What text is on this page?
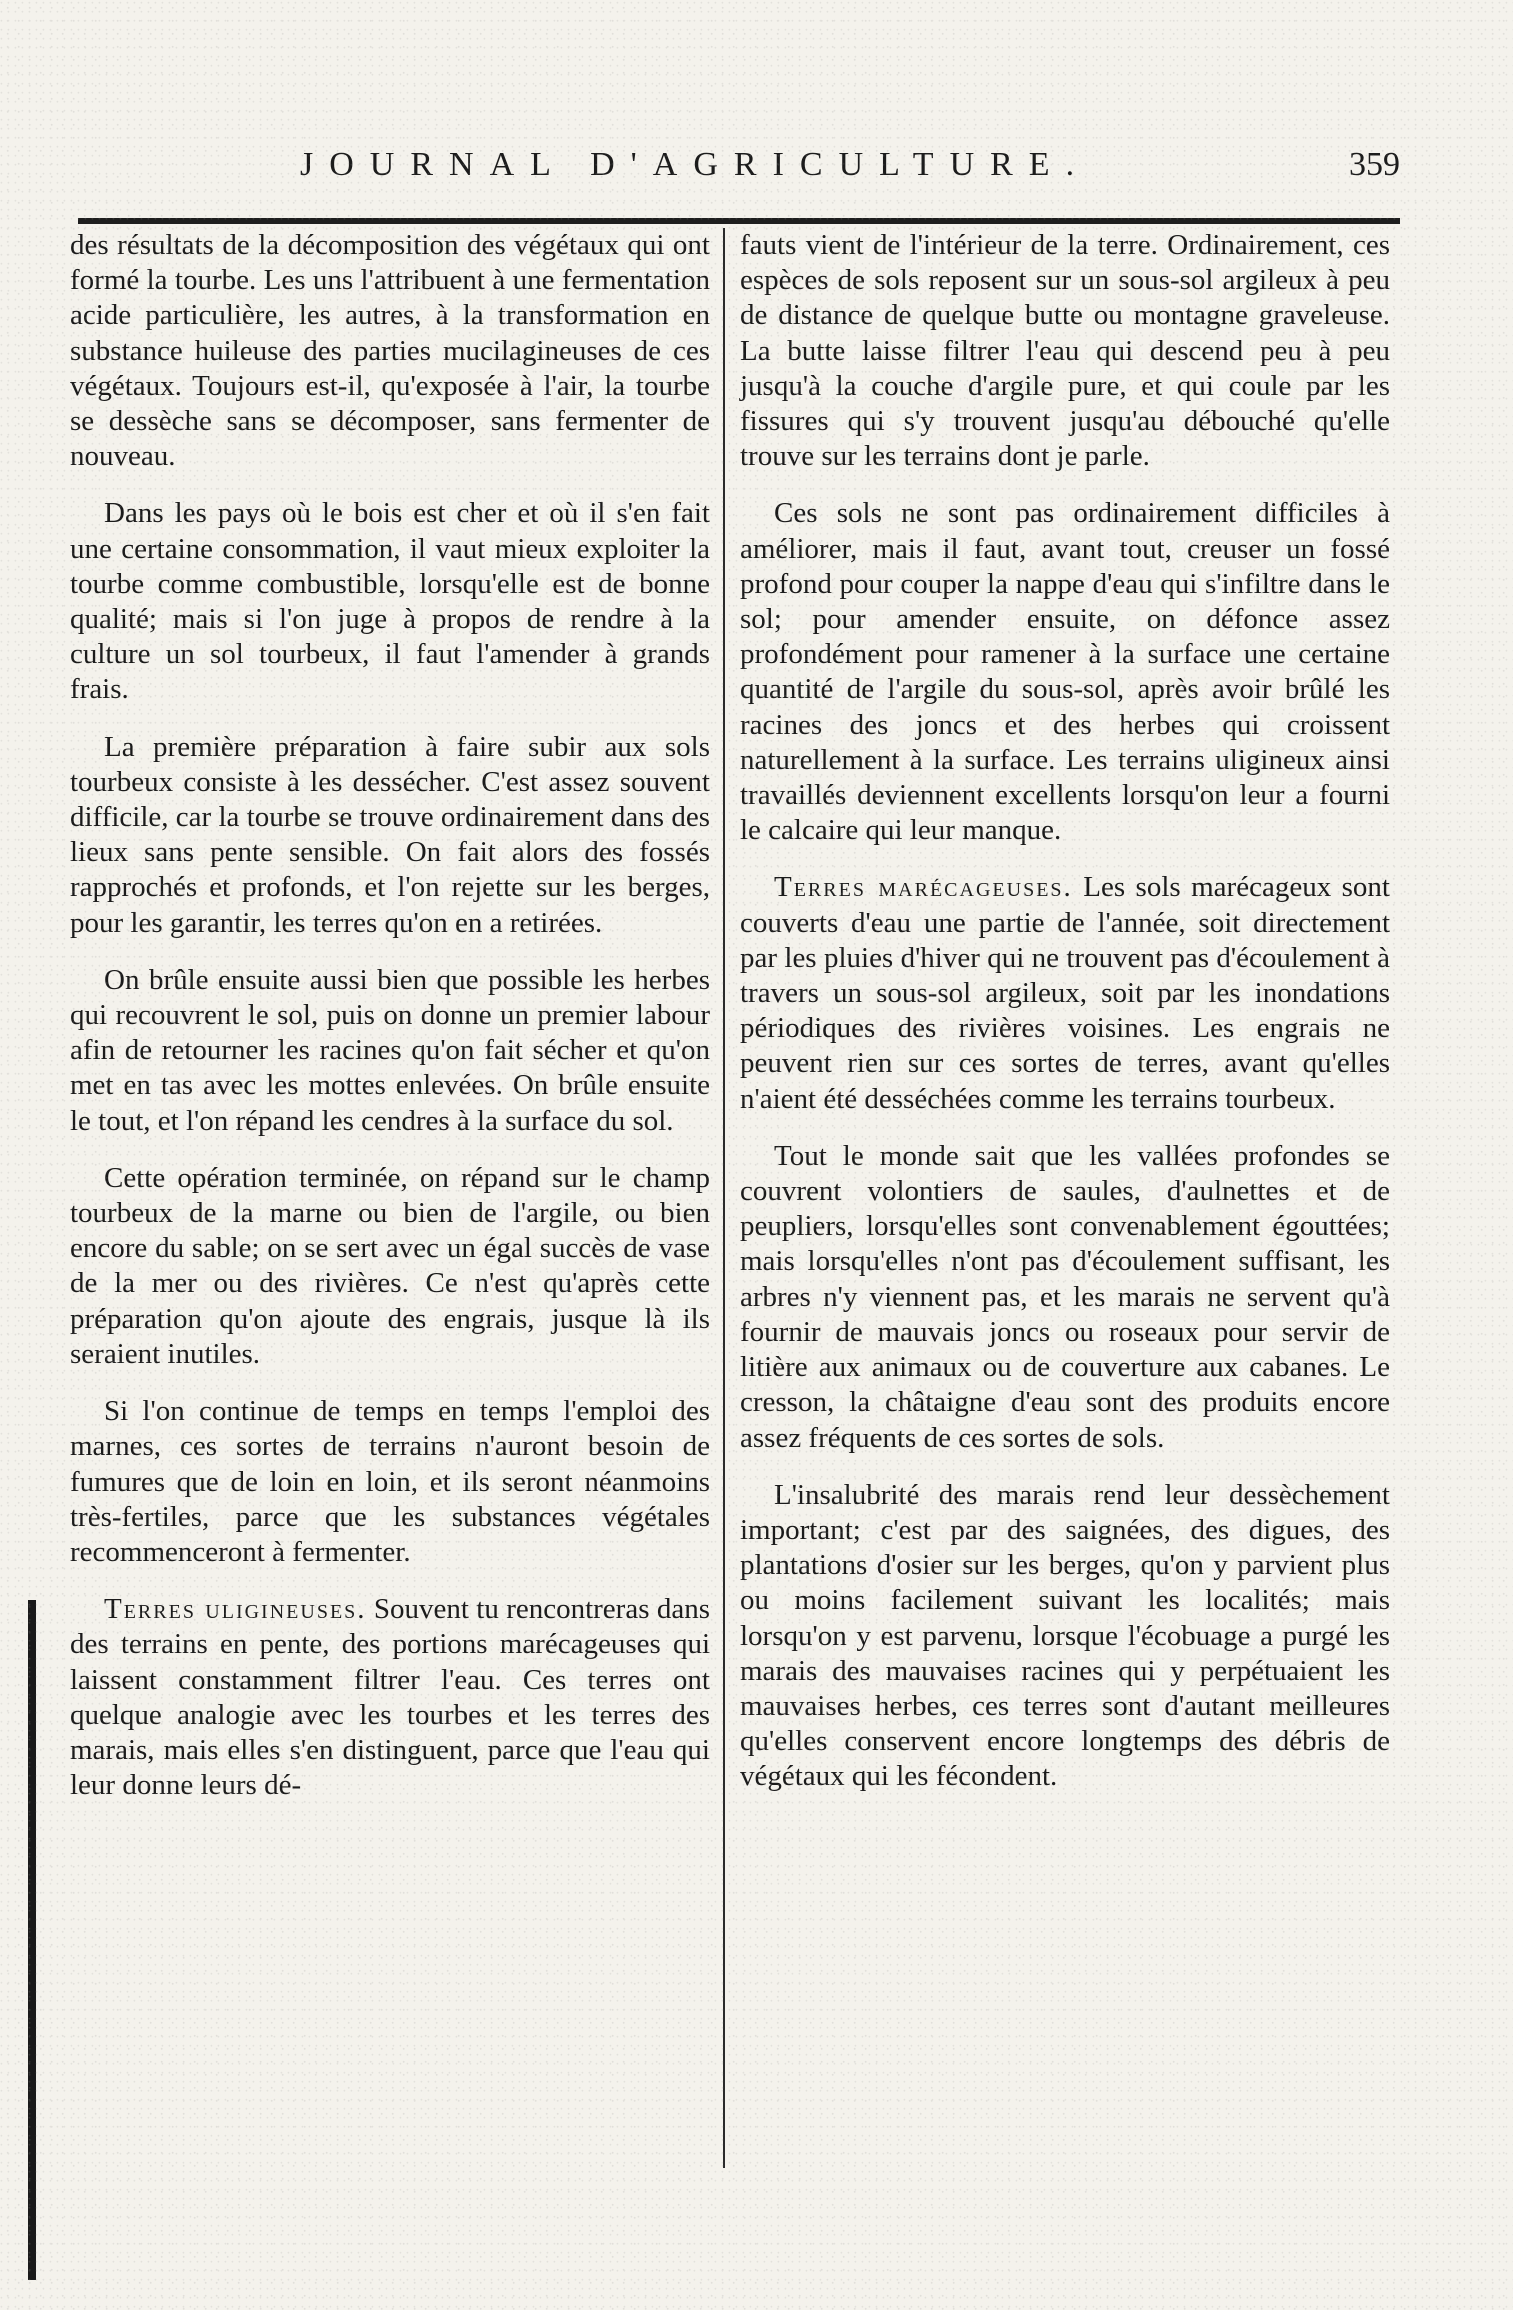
JOURNAL D'AGRICULTURE.	359

des résultats de la décomposition des végétaux qui ont formé la tourbe. Les uns l'attribuent à une fermentation acide particulière, les autres, à la transformation en substance huileuse des parties mucilagineuses de ces végétaux. Toujours est-il, qu'exposée à l'air, la tourbe se dessèche sans se décomposer, sans fermenter de nouveau.

Dans les pays où le bois est cher et où il s'en fait une certaine consommation, il vaut mieux exploiter la tourbe comme combustible, lorsqu'elle est de bonne qualité; mais si l'on juge à propos de rendre à la culture un sol tourbeux, il faut l'amender à grands frais.

La première préparation à faire subir aux sols tourbeux consiste à les dessécher. C'est assez souvent difficile, car la tourbe se trouve ordinairement dans des lieux sans pente sensible. On fait alors des fossés rapprochés et profonds, et l'on rejette sur les berges, pour les garantir, les terres qu'on en a retirées.

On brûle ensuite aussi bien que possible les herbes qui recouvrent le sol, puis on donne un premier labour afin de retourner les racines qu'on fait sécher et qu'on met en tas avec les mottes enlevées. On brûle ensuite le tout, et l'on répand les cendres à la surface du sol.

Cette opération terminée, on répand sur le champ tourbeux de la marne ou bien de l'argile, ou bien encore du sable; on se sert avec un égal succès de vase de la mer ou des rivières. Ce n'est qu'après cette préparation qu'on ajoute des engrais, jusque là ils seraient inutiles.

Si l'on continue de temps en temps l'emploi des marnes, ces sortes de terrains n'auront besoin de fumures que de loin en loin, et ils seront néanmoins très-fertiles, parce que les substances végétales recommenceront à fermenter.

Terres uligineuses. Souvent tu rencontreras dans des terrains en pente, des portions marécageuses qui laissent constamment filtrer l'eau. Ces terres ont quelque analogie avec les tourbes et les terres des marais, mais elles s'en distinguent, parce que l'eau qui leur donne leurs dé-

fauts vient de l'intérieur de la terre. Ordinairement, ces espèces de sols reposent sur un sous-sol argileux à peu de distance de quelque butte ou montagne graveleuse. La butte laisse filtrer l'eau qui descend peu à peu jusqu'à la couche d'argile pure, et qui coule par les fissures qui s'y trouvent jusqu'au débouché qu'elle trouve sur les terrains dont je parle.

Ces sols ne sont pas ordinairement difficiles à améliorer, mais il faut, avant tout, creuser un fossé profond pour couper la nappe d'eau qui s'infiltre dans le sol; pour amender ensuite, on défonce assez profondément pour ramener à la surface une certaine quantité de l'argile du sous-sol, après avoir brûlé les racines des joncs et des herbes qui croissent naturellement à la surface. Les terrains uligineux ainsi travaillés deviennent excellents lorsqu'on leur a fourni le calcaire qui leur manque.

Terres marécageuses. Les sols marécageux sont couverts d'eau une partie de l'année, soit directement par les pluies d'hiver qui ne trouvent pas d'écoulement à travers un sous-sol argileux, soit par les inondations périodiques des rivières voisines. Les engrais ne peuvent rien sur ces sortes de terres, avant qu'elles n'aient été desséchées comme les terrains tourbeux.

Tout le monde sait que les vallées profondes se couvrent volontiers de saules, d'aulnettes et de peupliers, lorsqu'elles sont convenablement égouttées; mais lorsqu'elles n'ont pas d'écoulement suffisant, les arbres n'y viennent pas, et les marais ne servent qu'à fournir de mauvais joncs ou roseaux pour servir de litière aux animaux ou de couverture aux cabanes. Le cresson, la châtaigne d'eau sont des produits encore assez fréquents de ces sortes de sols.

L'insalubrité des marais rend leur dessèchement important; c'est par des saignées, des digues, des plantations d'osier sur les berges, qu'on y parvient plus ou moins facilement suivant les localités; mais lorsqu'on y est parvenu, lorsque l'écobuage a purgé les marais des mauvaises racines qui y perpétuaient les mauvaises herbes, ces terres sont d'autant meilleures qu'elles conservent encore longtemps des débris de végétaux qui les fécondent.
